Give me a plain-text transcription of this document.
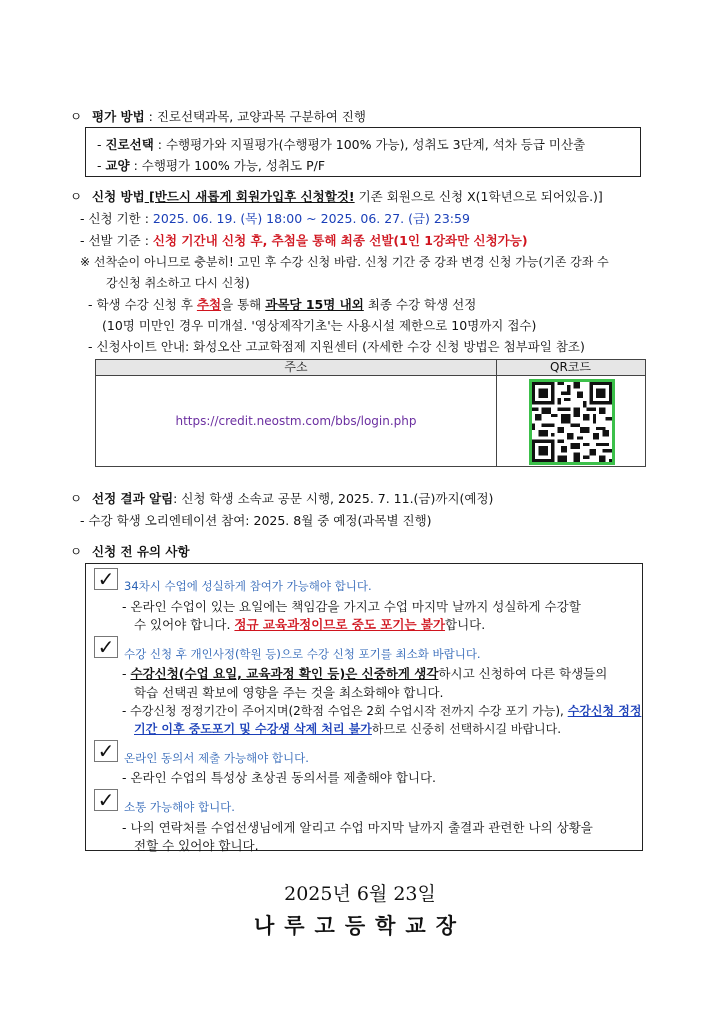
ㅇ 평가 방법 : 진로선택과목, 교양과목 구분하여 진행
- 진로선택 : 수행평가와 지필평가(수행평가 100% 가능), 성취도 3단계, 석차 등급 미산출
- 교양 : 수행평가 100% 가능, 성취도 P/F
ㅇ 신청 방법 [반드시 새롭게 회원가입후 신청할것! 기존 회원으로 신청 X(1학년으로 되어있음.)]
- 신청 기한 : 2025. 06. 19. (목) 18:00 ~ 2025. 06. 27. (금) 23:59
- 선발 기준 : 신청 기간내 신청 후, 추첨을 통해 최종 선발(1인 1강좌만 신청가능)
※ 선착순이 아니므로 충분히! 고민 후 수강 신청 바람. 신청 기간 중 강좌 변경 신청 가능(기존 강좌 수
강신청 취소하고 다시 신청)
- 학생 수강 신청 후 추첨을 통해 과목당 15명 내외 최종 수강 학생 선정
(10명 미만인 경우 미개설. '영상제작기초'는 사용시설 제한으로 10명까지 접수)
- 신청사이트 안내: 화성오산 고교학점제 지원센터 (자세한 수강 신청 방법은 첨부파일 참조)
주소	QR코드
https://credit.neostm.com/bbs/login.php
ㅇ 선정 결과 알림: 신청 학생 소속교 공문 시행, 2025. 7. 11.(금)까지(예정)
- 수강 학생 오리엔테이션 참여: 2025. 8월 중 예정(과목별 진행)
ㅇ 신청 전 유의 사항
✓ 34차시 수업에 성실하게 참여가 가능해야 합니다.
- 온라인 수업이 있는 요일에는 책임감을 가지고 수업 마지막 날까지 성실하게 수강할
수 있어야 합니다. 정규 교육과정이므로 중도 포기는 불가합니다.
✓ 수강 신청 후 개인사정(학원 등)으로 수강 신청 포기를 최소화 바랍니다.
- 수강신청(수업 요일, 교육과정 확인 등)은 신중하게 생각하시고 신청하여 다른 학생들의
학습 선택권 확보에 영향을 주는 것을 최소화해야 합니다.
- 수강신청 정정기간이 주어지며(2학점 수업은 2회 수업시작 전까지 수강 포기 가능), 수강신청 정정
기간 이후 중도포기 및 수강생 삭제 처리 불가하므로 신중히 선택하시길 바랍니다.
✓ 온라인 동의서 제출 가능해야 합니다.
- 온라인 수업의 특성상 초상권 동의서를 제출해야 합니다.
✓ 소통 가능해야 합니다.
- 나의 연락처를 수업선생님에게 알리고 수업 마지막 날까지 출결과 관련한 나의 상황을
전할 수 있어야 합니다.
2025년 6월 23일
나루고등학교장
